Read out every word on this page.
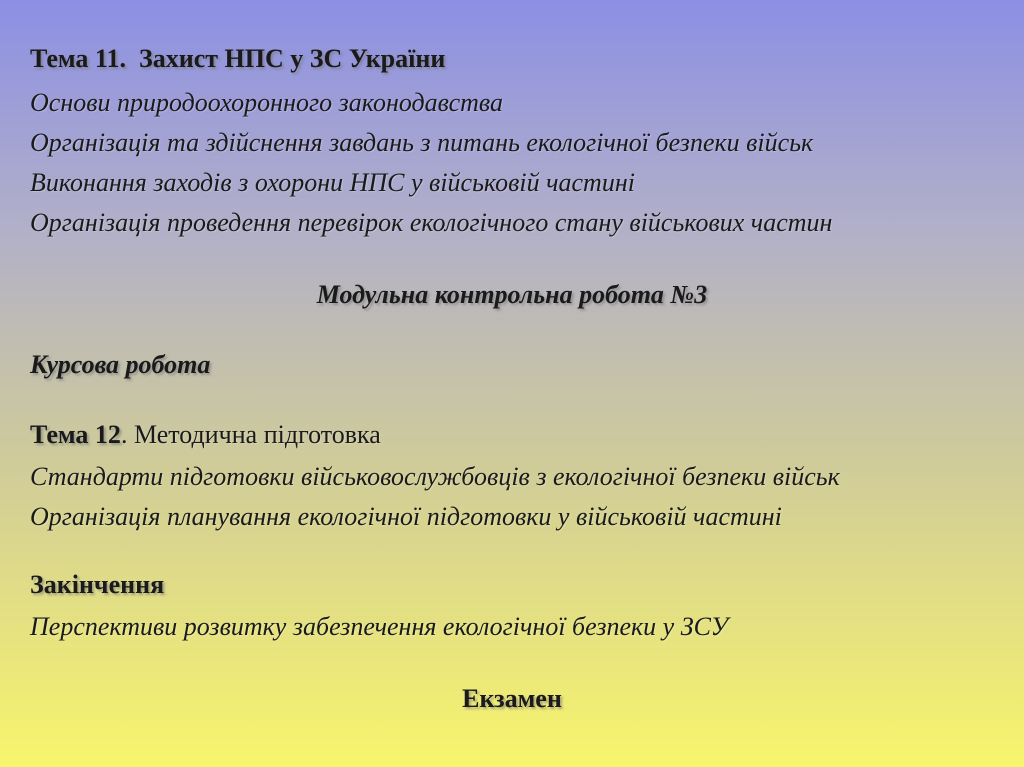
Тема 11. Захист НПС у ЗС України
Основи природоохоронного законодавства
Організація та здійснення завдань з питань екологічної безпеки військ
Виконання заходів з охорони НПС у військовій частині
Організація проведення перевірок екологічного стану військових частин
Модульна контрольна робота №3
Курсова робота
Тема 12. Методична підготовка
Стандарти підготовки військовослужбовців з екологічної безпеки військ
Організація планування екологічної підготовки у військовій частині
Закінчення
Перспективи розвитку забезпечення екологічної безпеки у ЗСУ
Екзамен
